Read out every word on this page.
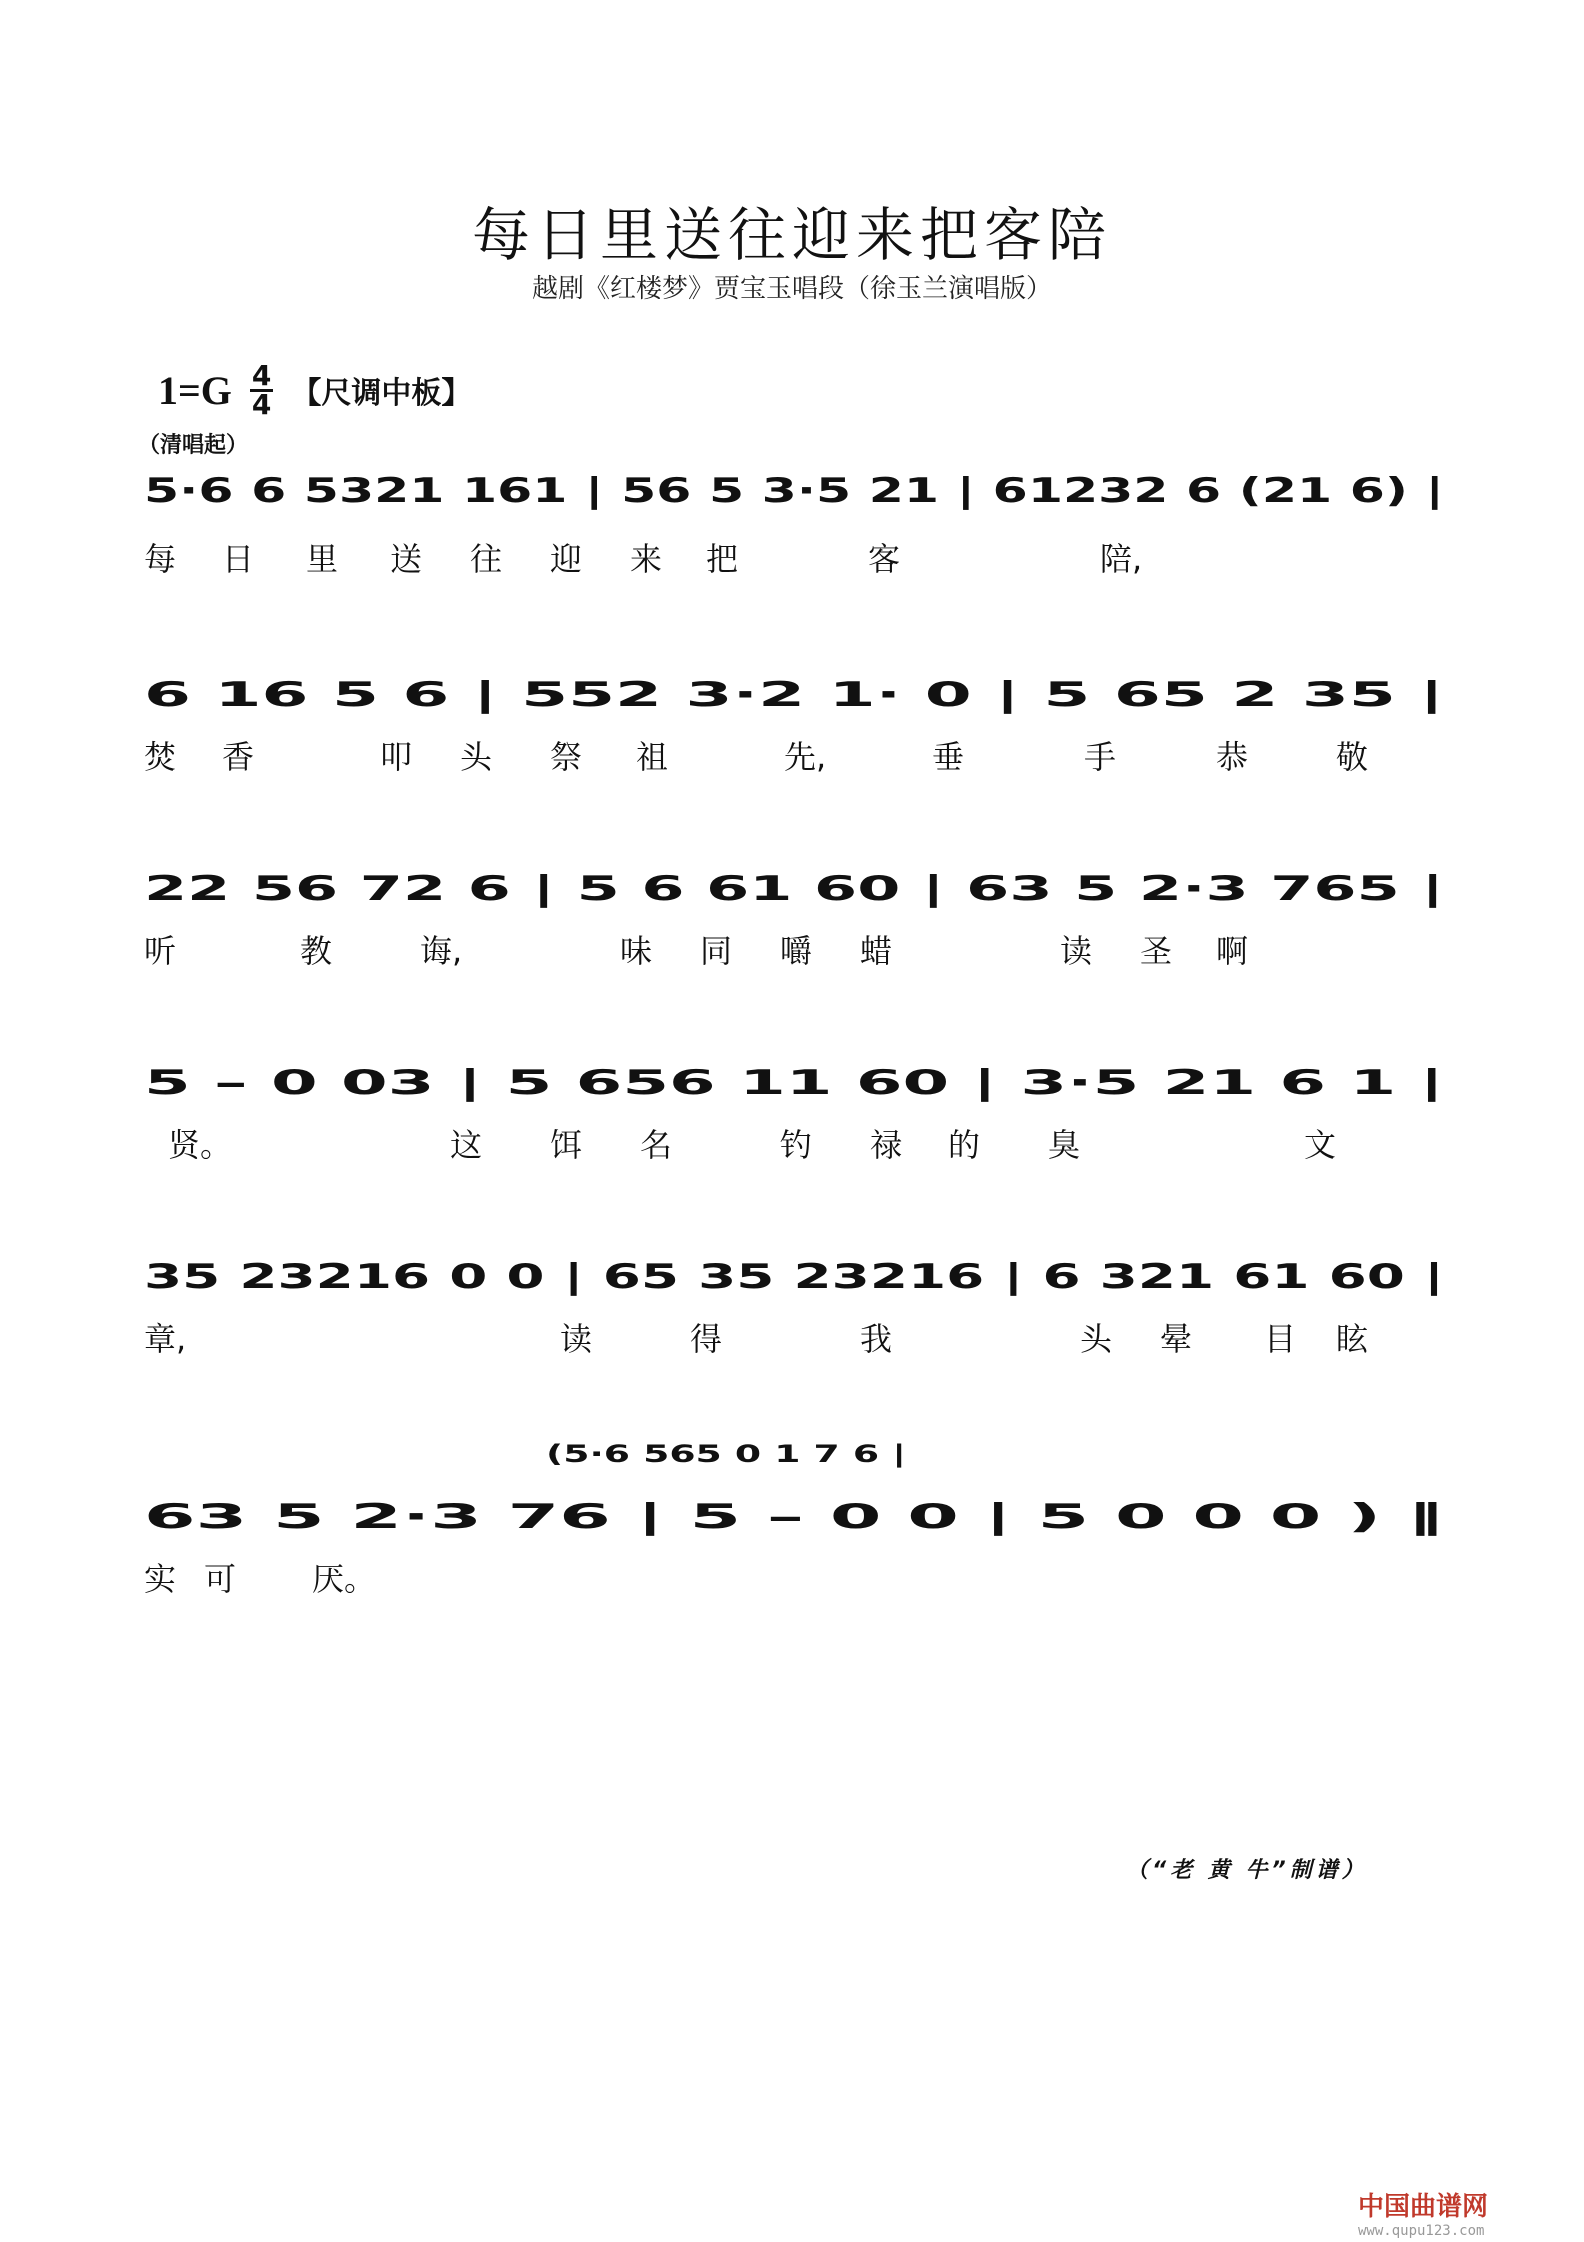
每日里送往迎来把客陪
越剧《红楼梦》贾宝玉唱段（徐玉兰演唱版）
1=G 4
4 【尺调中板】
（清唱起）
5·6 6 5321 161 | 56 5 3·5 21 | 61232 6 (21 6) |
每 日 里 送 往 迎 来 把	客	陪,
6 16 5 6 | 552 3·2 1· 0 | 5 65 2 35 |
焚 香	叩 头 祭 祖	先,	垂	手	恭	敬
22 56 72 6 | 5 6 61 60 | 63 5 2·3 765 |
听	教	诲,	味 同 嚼 蜡	读 圣 啊
5 – 0 03 | 5 656 11 60 | 3·5 21 6 1 |
贤。	这 饵 名	钓 禄 的 臭	文
35 23216 0 0 | 65 35 23216 | 6 321 61 60 |
章,	读	得	我	头 晕 目 眩
63 5 2·3 76 | 5 – 0 0 | 5 0 0 0 ) ‖
(5·6 565 0 1 7 6 |
实 可 厌。
（“老 黄 牛”制谱）
中国曲谱网
www.qupu123.com
